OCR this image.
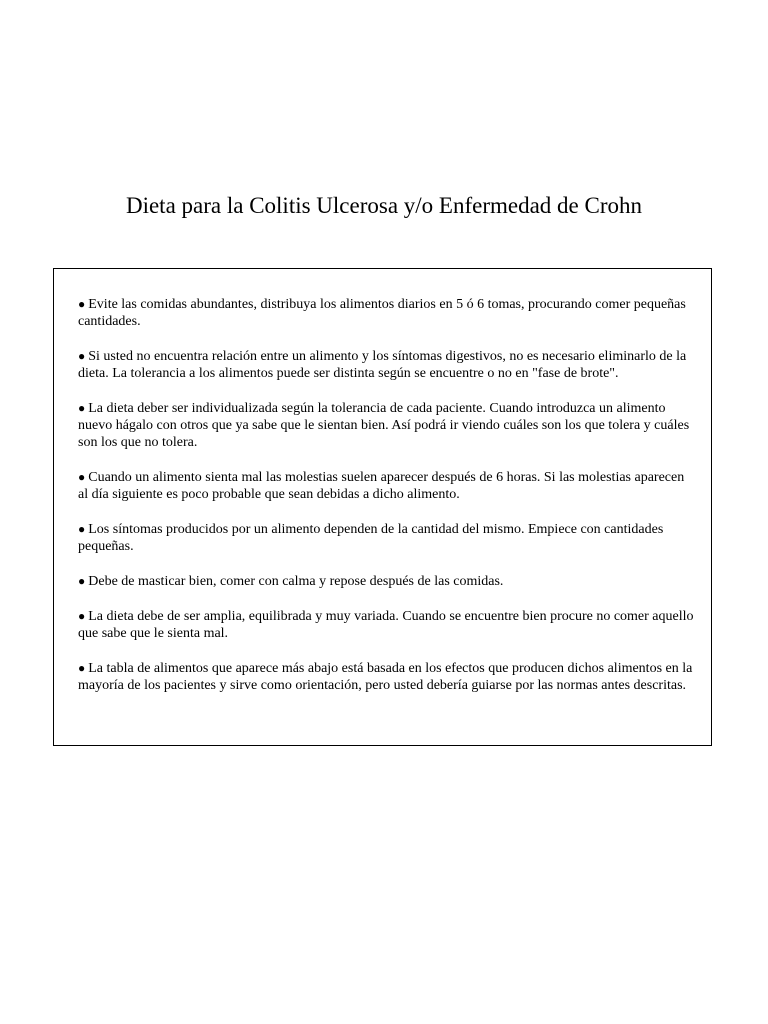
Dieta para la Colitis Ulcerosa y/o Enfermedad de Crohn
● Evite las comidas abundantes, distribuya los alimentos diarios en 5 ó 6 tomas, procurando comer pequeñas cantidades.
● Si usted no encuentra relación entre un alimento y los síntomas digestivos, no es necesario eliminarlo de la dieta. La tolerancia a los alimentos puede ser distinta según se encuentre o no en "fase de brote".
● La dieta deber ser individualizada según la tolerancia de cada paciente. Cuando introduzca un alimento nuevo hágalo con otros que ya sabe que le sientan bien. Así podrá ir viendo cuáles son los que tolera y cuáles son los que no tolera.
● Cuando un alimento sienta mal las molestias suelen aparecer después de 6 horas. Si las molestias aparecen al día siguiente es poco probable que sean debidas a dicho alimento.
● Los síntomas producidos por un alimento dependen de la cantidad del mismo. Empiece con cantidades pequeñas.
● Debe de masticar bien, comer con calma y repose después de las comidas.
● La dieta debe de ser amplia, equilibrada y muy variada. Cuando se encuentre bien procure no comer aquello que sabe que le sienta mal.
● La tabla de alimentos que aparece más abajo está basada en los efectos que producen dichos alimentos en la mayoría de los pacientes y sirve como orientación, pero usted debería guiarse por las normas antes descritas.
